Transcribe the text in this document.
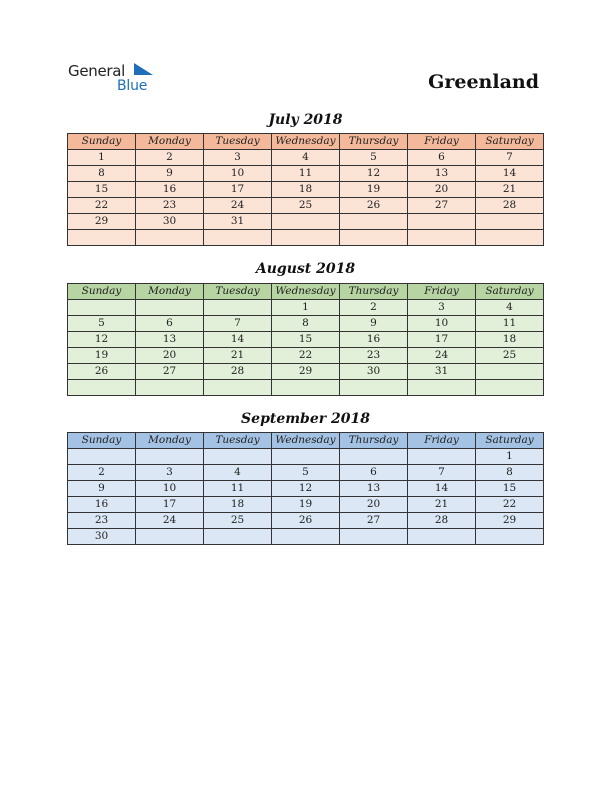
General
Blue	Greenland
July 2018
Sunday	Monday	Tuesday	Wednesday	Thursday	Friday	Saturday
1	2	3	4	5	6	7
8	9	10	11	12	13	14
15	16	17	18	19	20	21
22	23	24	25	26	27	28
29	30	31				

August 2018
Sunday	Monday	Tuesday	Wednesday	Thursday	Friday	Saturday
			1	2	3	4
5	6	7	8	9	10	11
12	13	14	15	16	17	18
19	20	21	22	23	24	25
26	27	28	29	30	31	

September 2018
Sunday	Monday	Tuesday	Wednesday	Thursday	Friday	Saturday
						1
2	3	4	5	6	7	8
9	10	11	12	13	14	15
16	17	18	19	20	21	22
23	24	25	26	27	28	29
30						
